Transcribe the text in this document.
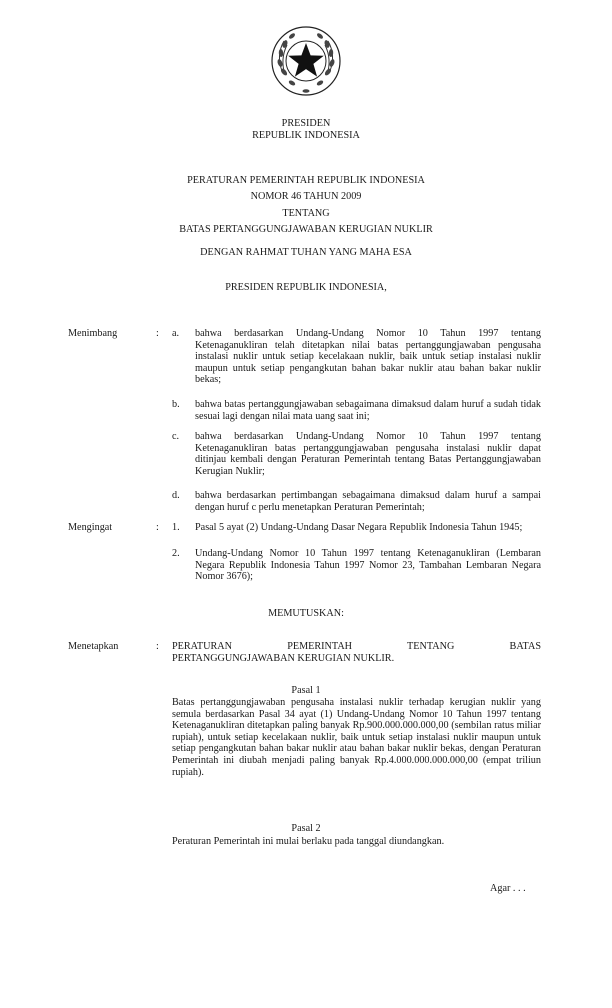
PRESIDEN
REPUBLIK INDONESIA
PERATURAN PEMERINTAH REPUBLIK INDONESIA
NOMOR 46 TAHUN 2009
TENTANG
BATAS PERTANGGUNGJAWABAN KERUGIAN NUKLIR
DENGAN RAHMAT TUHAN YANG MAHA ESA
PRESIDEN REPUBLIK INDONESIA,
Menimbang	: a. bahwa berdasarkan Undang-Undang Nomor 10 Tahun 1997 tentang Ketenaganukliran telah ditetapkan nilai batas pertanggungjawaban pengusaha instalasi nuklir untuk setiap kecelakaan nuklir, baik untuk setiap instalasi nuklir maupun untuk setiap pengangkutan bahan bakar nuklir atau bahan bakar nuklir bekas;
b. bahwa batas pertanggungjawaban sebagaimana dimaksud dalam huruf a sudah tidak sesuai lagi dengan nilai mata uang saat ini;
c. bahwa berdasarkan Undang-Undang Nomor 10 Tahun 1997 tentang Ketenaganukliran batas pertanggungjawaban pengusaha instalasi nuklir dapat ditinjau kembali dengan Peraturan Pemerintah tentang Batas Pertanggungjawaban Kerugian Nuklir;
d. bahwa berdasarkan pertimbangan sebagaimana dimaksud dalam huruf a sampai dengan huruf c perlu menetapkan Peraturan Pemerintah;
Mengingat	: 1. Pasal 5 ayat (2) Undang-Undang Dasar Negara Republik Indonesia Tahun 1945;
2. Undang-Undang Nomor 10 Tahun 1997 tentang Ketenaganukliran (Lembaran Negara Republik Indonesia Tahun 1997 Nomor 23, Tambahan Lembaran Negara Nomor 3676);
MEMUTUSKAN:
Menetapkan	: PERATURAN PEMERINTAH TENTANG BATAS
PERTANGGUNGJAWABAN KERUGIAN NUKLIR.
Pasal 1
Batas pertanggungjawaban pengusaha instalasi nuklir terhadap kerugian nuklir yang semula berdasarkan Pasal 34 ayat (1) Undang-Undang Nomor 10 Tahun 1997 tentang Ketenaganukliran ditetapkan paling banyak Rp.900.000.000.000,00 (sembilan ratus miliar rupiah), untuk setiap kecelakaan nuklir, baik untuk setiap instalasi nuklir maupun untuk setiap pengangkutan bahan bakar nuklir atau bahan bakar nuklir bekas, dengan Peraturan Pemerintah ini diubah menjadi paling banyak Rp.4.000.000.000.000,00 (empat triliun rupiah).
Pasal 2
Peraturan Pemerintah ini mulai berlaku pada tanggal diundangkan.
Agar . . .
